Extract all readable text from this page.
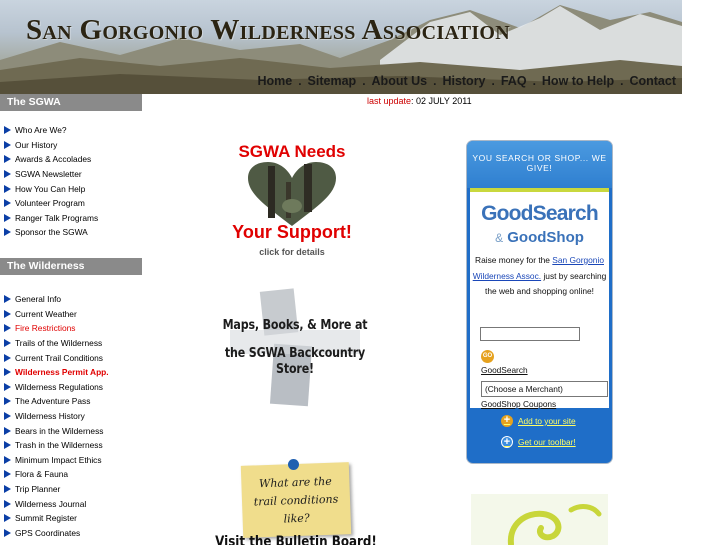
San Gorgonio Wilderness Association
Home . Sitemap . About Us . History . FAQ . How to Help . Contact
last update: 02 JULY 2011
The SGWA
Who Are We?
Our History
Awards & Accolades
SGWA Newsletter
How You Can Help
Volunteer Program
Ranger Talk Programs
Sponsor the SGWA
The Wilderness
General Info
Current Weather
Fire Restrictions
Trails of the Wilderness
Current Trail Conditions
Wilderness Permit App.
Wilderness Regulations
The Adventure Pass
Wilderness History
Bears in the Wilderness
Trash in the Wilderness
Minimum Impact Ethics
Flora & Fauna
Trip Planner
Wilderness Journal
Summit Register
GPS Coordinates
SGWA Needs
Your Support!
click for details
Maps, Books, & More at
the SGWA Backcountry Store!
What are the
trail conditions
like?
Visit the Bulletin Board!
YOU SEARCH OR SHOP... WE GIVE!
GoodSearch
& GoodShop
Raise money for the San Gorgonio Wilderness Assoc. just by searching the web and shopping online!
GO
GoodSearch
(Choose a Merchant)
GoodShop Coupons
+ Add to your site
+ Get our toolbar!
